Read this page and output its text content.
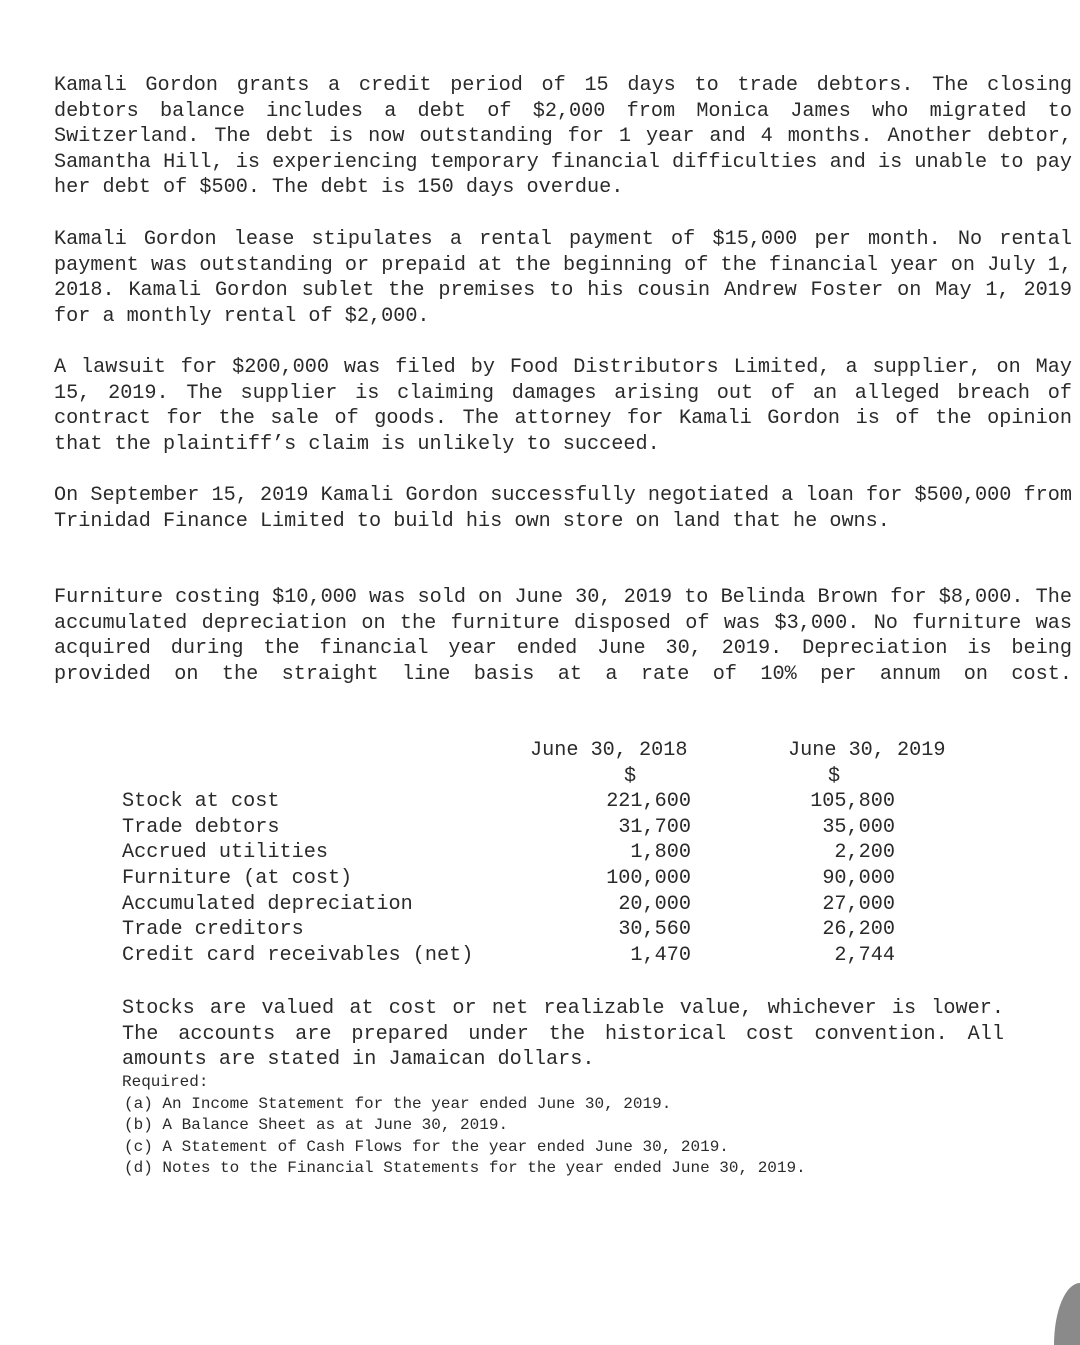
Kamali Gordon grants a credit period of 15 days to trade debtors. The closing debtors balance includes a debt of $2,000 from Monica James who migrated to Switzerland. The debt is now outstanding for 1 year and 4 months. Another debtor, Samantha Hill, is experiencing temporary financial difficulties and is unable to pay her debt of $500. The debt is 150 days overdue.

Kamali Gordon lease stipulates a rental payment of $15,000 per month. No rental payment was outstanding or prepaid at the beginning of the financial year on July 1, 2018. Kamali Gordon sublet the premises to his cousin Andrew Foster on May 1, 2019 for a monthly rental of $2,000.

A lawsuit for $200,000 was filed by Food Distributors Limited, a supplier, on May 15, 2019. The supplier is claiming damages arising out of an alleged breach of contract for the sale of goods. The attorney for Kamali Gordon is of the opinion that the plaintiff’s claim is unlikely to succeed.

On September 15, 2019 Kamali Gordon successfully negotiated a loan for $500,000 from Trinidad Finance Limited to build his own store on land that he owns.

Furniture costing $10,000 was sold on June 30, 2019 to Belinda Brown for $8,000. The accumulated depreciation on the furniture disposed of was $3,000. No furniture was acquired during the financial year ended June 30, 2019. Depreciation is being provided on the straight line basis at a rate of 10% per annum on cost.

June 30, 2018	June 30, 2019
$	$
Stock at cost	221,600	105,800
Trade debtors	31,700	35,000
Accrued utilities	1,800	2,200
Furniture (at cost)	100,000	90,000
Accumulated depreciation	20,000	27,000
Trade creditors	30,560	26,200
Credit card receivables (net)	1,470	2,744
Stocks are valued at cost or net realizable value, whichever is lower. The accounts are prepared under the historical cost convention. All amounts are stated in Jamaican dollars.
Required:
(a) An Income Statement for the year ended June 30, 2019.
(b) A Balance Sheet as at June 30, 2019.
(c) A Statement of Cash Flows for the year ended June 30, 2019.
(d) Notes to the Financial Statements for the year ended June 30, 2019.
